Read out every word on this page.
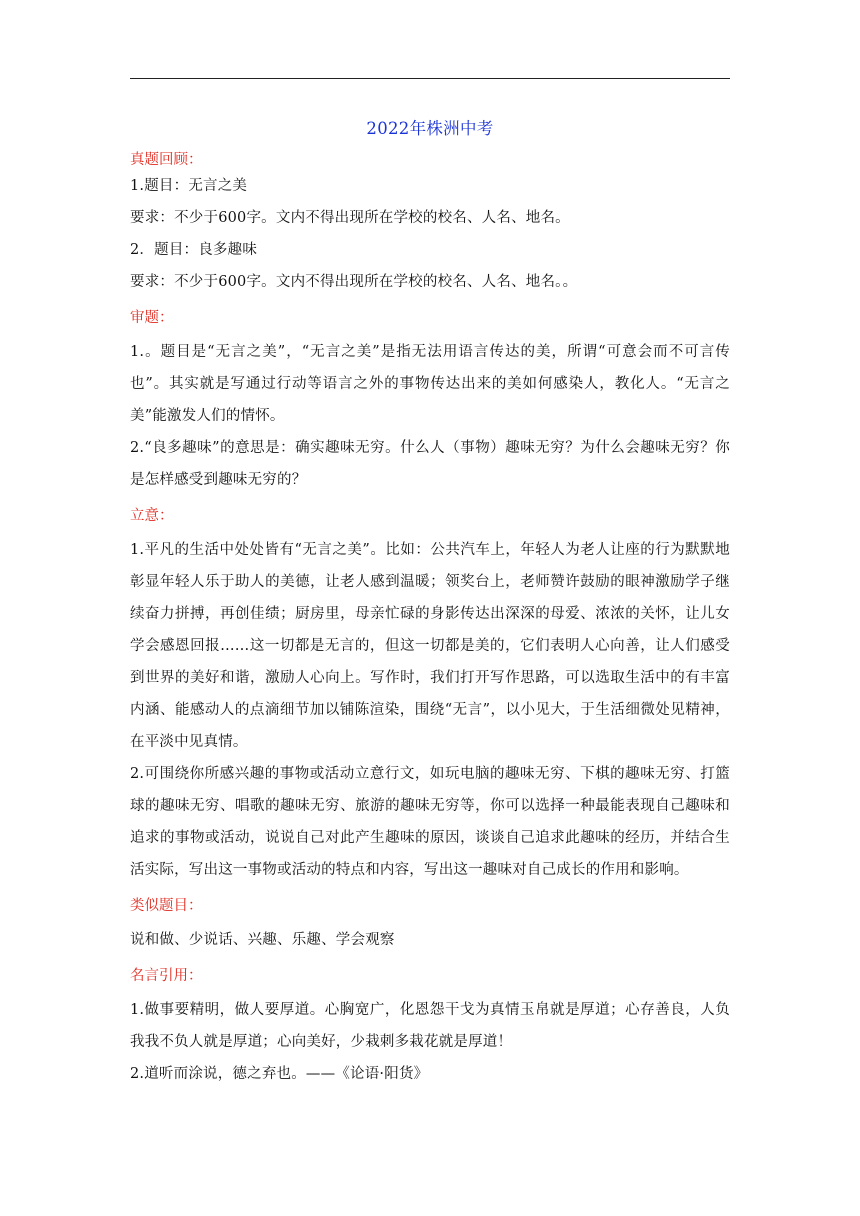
2022年株洲中考
真题回顾：

1.题目：无言之美

要求：不少于600字。文内不得出现所在学校的校名、人名、地名。

2．题目：良多趣味

要求：不少于600字。文内不得出现所在学校的校名、人名、地名。。

审题：

1.。题目是“无言之美”，“无言之美”是指无法用语言传达的美，所谓“可意会而不可言传也”。其实就是写通过行动等语言之外的事物传达出来的美如何感染人，教化人。“无言之美”能激发人们的情怀。

2.“良多趣味”的意思是：确实趣味无穷。什么人（事物）趣味无穷？为什么会趣味无穷？你是怎样感受到趣味无穷的？

立意：

1.平凡的生活中处处皆有“无言之美”。比如：公共汽车上，年轻人为老人让座的行为默默地彰显年轻人乐于助人的美德，让老人感到温暖；领奖台上，老师赞许鼓励的眼神激励学子继续奋力拼搏，再创佳绩；厨房里，母亲忙碌的身影传达出深深的母爱、浓浓的关怀，让儿女学会感恩回报……这一切都是无言的，但这一切都是美的，它们表明人心向善，让人们感受到世界的美好和谐，激励人心向上。写作时，我们打开写作思路，可以选取生活中的有丰富内涵、能感动人的点滴细节加以铺陈渲染，围绕“无言”，以小见大，于生活细微处见精神，在平淡中见真情。

2.可围绕你所感兴趣的事物或活动立意行文，如玩电脑的趣味无穷、下棋的趣味无穷、打篮球的趣味无穷、唱歌的趣味无穷、旅游的趣味无穷等，你可以选择一种最能表现自己趣味和追求的事物或活动，说说自己对此产生趣味的原因，谈谈自己追求此趣味的经历，并结合生活实际，写出这一事物或活动的特点和内容，写出这一趣味对自己成长的作用和影响。

类似题目：

说和做、少说话、兴趣、乐趣、学会观察

名言引用：

1.做事要精明，做人要厚道。心胸宽广，化恩怨干戈为真情玉帛就是厚道；心存善良，人负我我不负人就是厚道；心向美好，少栽刺多栽花就是厚道！

2.道听而涂说，德之弃也。——《论语·阳货》
